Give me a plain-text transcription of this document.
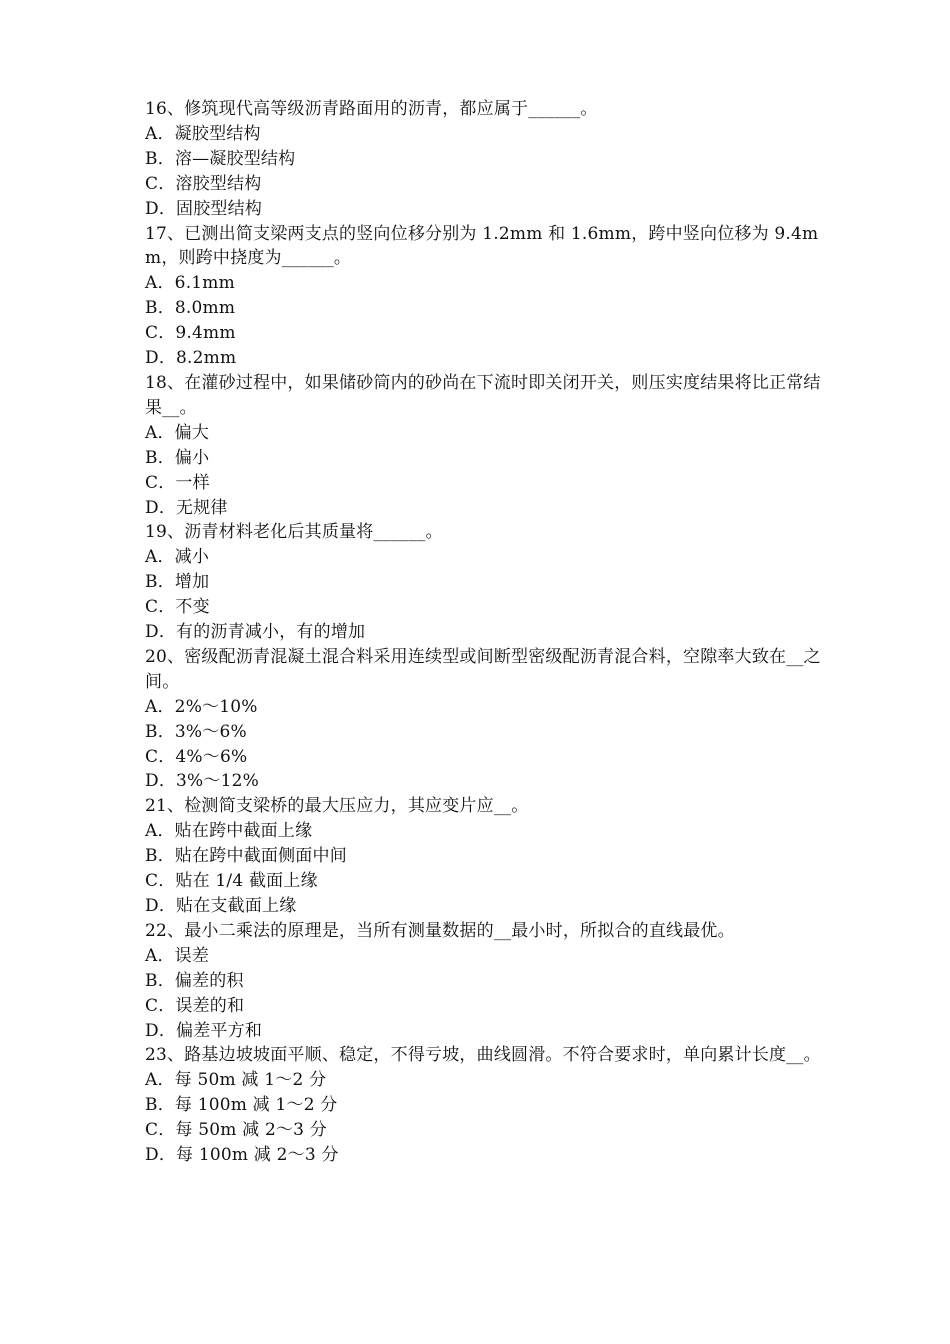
16、修筑现代高等级沥青路面用的沥青，都应属于______。
A．凝胶型结构
B．溶—凝胶型结构
C．溶胶型结构
D．固胶型结构
17、已测出简支梁两支点的竖向位移分别为 1.2mm 和 1.6mm，跨中竖向位移为 9.4mm，则跨中挠度为______。
A．6.1mm
B．8.0mm
C．9.4mm
D．8.2mm
18、在灌砂过程中，如果储砂筒内的砂尚在下流时即关闭开关，则压实度结果将比正常结果__。
A．偏大
B．偏小
C．一样
D．无规律
19、沥青材料老化后其质量将______。
A．减小
B．增加
C．不变
D．有的沥青减小，有的增加
20、密级配沥青混凝土混合料采用连续型或间断型密级配沥青混合料，空隙率大致在__之间。
A．2%～10%
B．3%～6%
C．4%～6%
D．3%～12%
21、检测简支梁桥的最大压应力，其应变片应__。
A．贴在跨中截面上缘
B．贴在跨中截面侧面中间
C．贴在 1/4 截面上缘
D．贴在支截面上缘
22、最小二乘法的原理是，当所有测量数据的__最小时，所拟合的直线最优。
A．误差
B．偏差的积
C．误差的和
D．偏差平方和
23、路基边坡坡面平顺、稳定，不得亏坡，曲线圆滑。不符合要求时，单向累计长度__。
A．每 50m 减 1～2 分
B．每 100m 减 1～2 分
C．每 50m 减 2～3 分
D．每 100m 减 2～3 分
